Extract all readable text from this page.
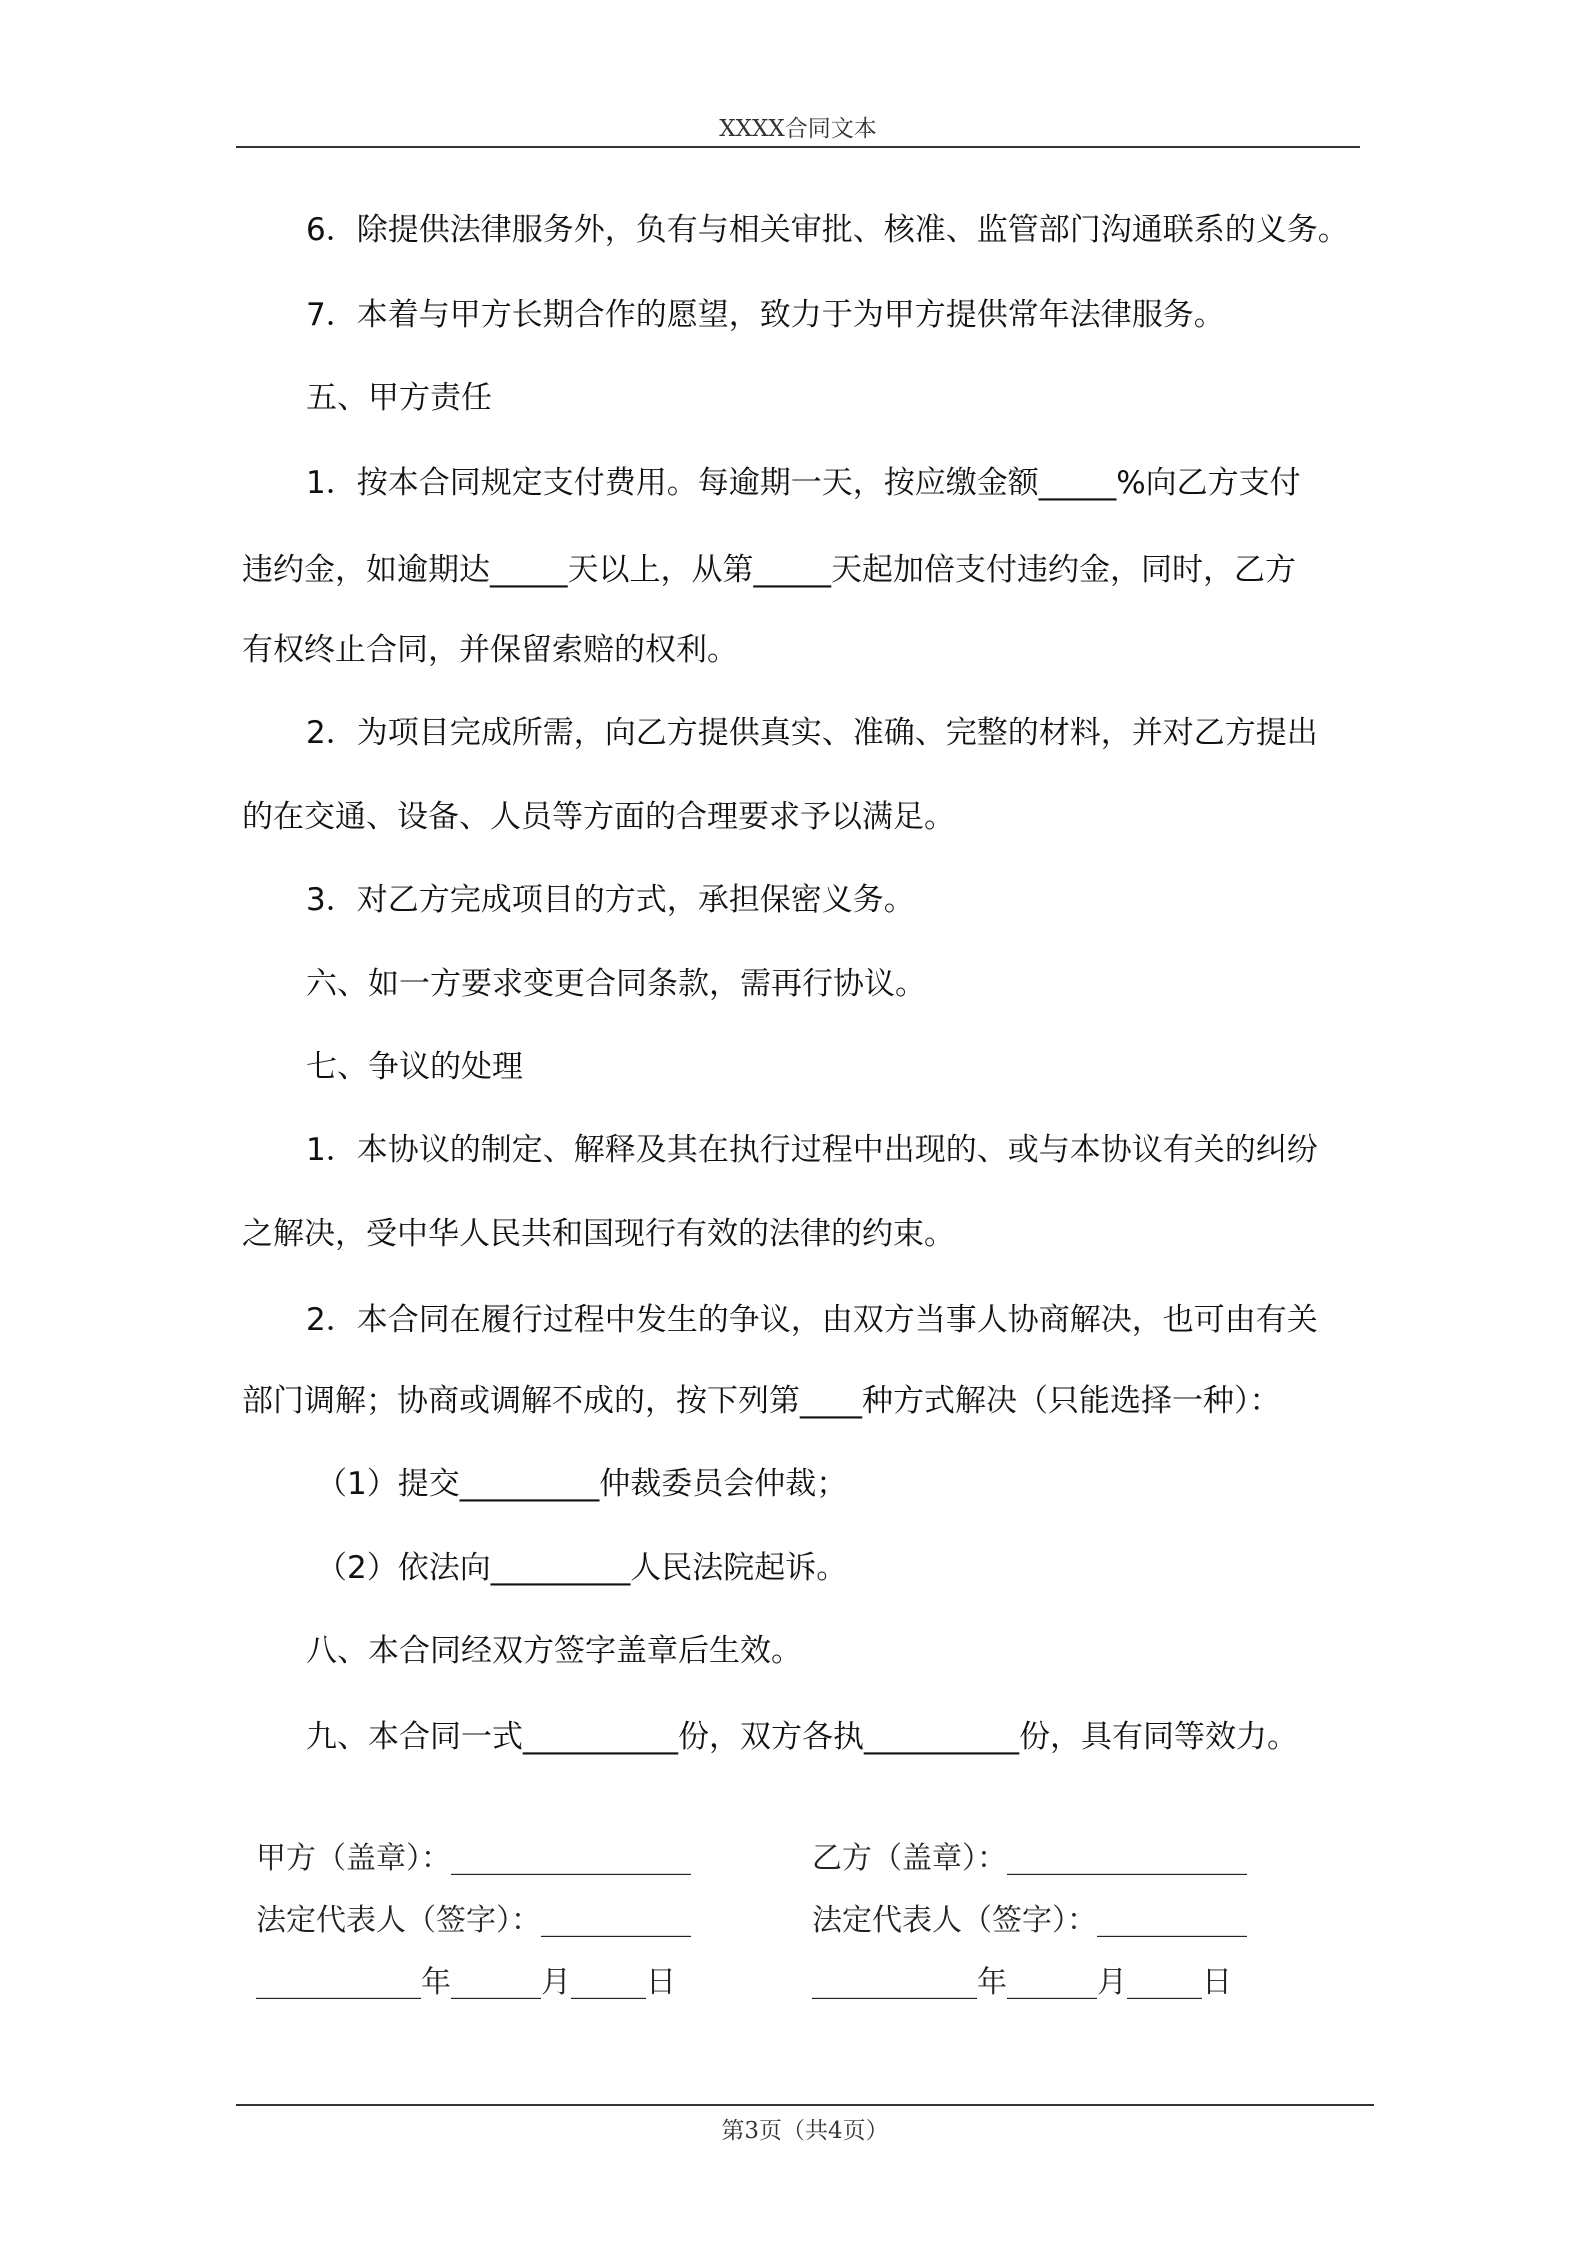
XXXX合同文本
6．除提供法律服务外，负有与相关审批、核准、监管部门沟通联系的义务。
7．本着与甲方长期合作的愿望，致力于为甲方提供常年法律服务。
五、甲方责任
1．按本合同规定支付费用。每逾期一天，按应缴金额_____%向乙方支付
违约金，如逾期达_____天以上，从第_____天起加倍支付违约金，同时，乙方
有权终止合同，并保留索赔的权利。
2．为项目完成所需，向乙方提供真实、准确、完整的材料，并对乙方提出
的在交通、设备、人员等方面的合理要求予以满足。
3．对乙方完成项目的方式，承担保密义务。
六、如一方要求变更合同条款，需再行协议。
七、争议的处理
1．本协议的制定、解释及其在执行过程中出现的、或与本协议有关的纠纷
之解决，受中华人民共和国现行有效的法律的约束。
2．本合同在履行过程中发生的争议，由双方当事人协商解决，也可由有关
部门调解；协商或调解不成的，按下列第____种方式解决（只能选择一种）：
（1）提交_________仲裁委员会仲裁；
（2）依法向_________人民法院起诉。
八、本合同经双方签字盖章后生效。
九、本合同一式__________份，双方各执__________份，具有同等效力。
甲方（盖章）：________________
法定代表人（签字）：__________
___________年______月_____日
乙方（盖章）：________________
法定代表人（签字）：__________
___________年______月_____日
第3页（共4页）
